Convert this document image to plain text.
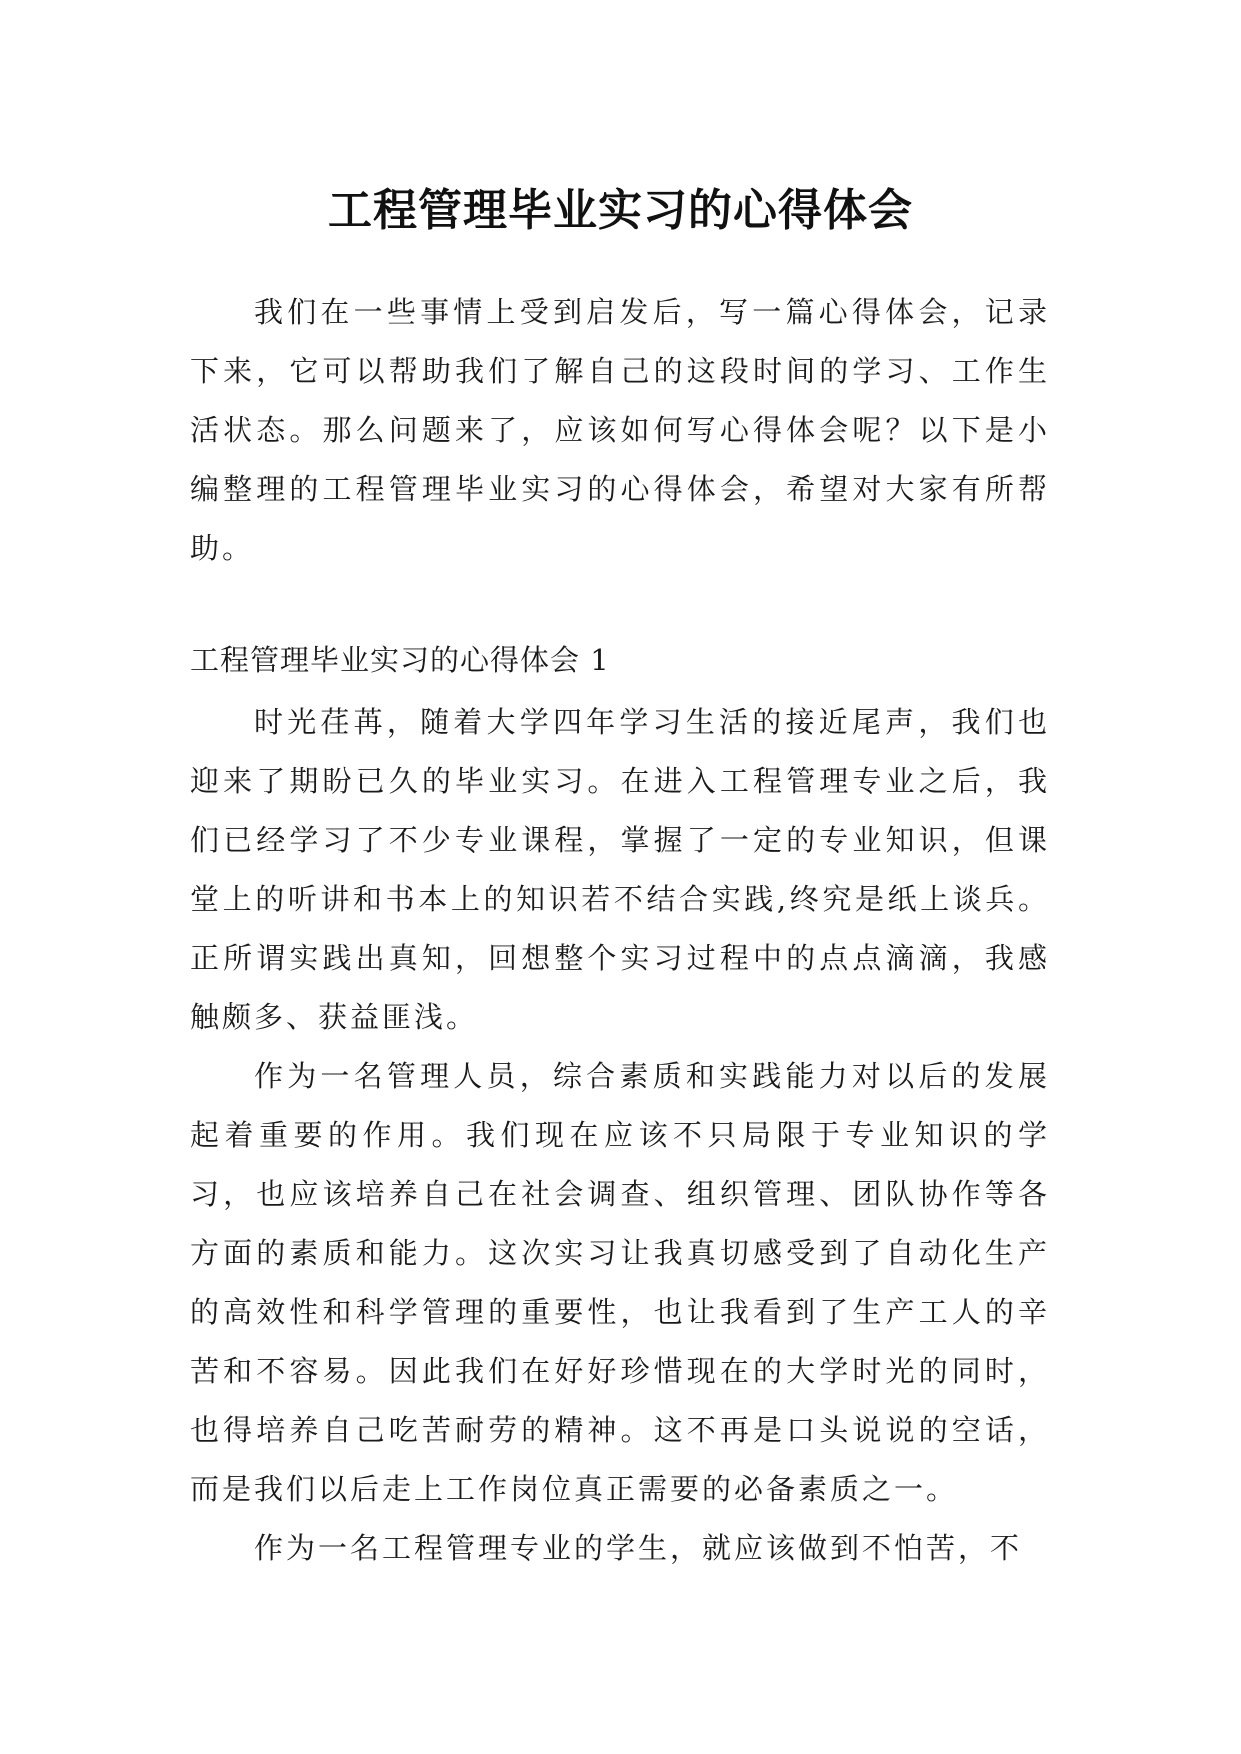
工程管理毕业实习的心得体会

我们在一些事情上受到启发后，写一篇心得体会，记录下来，它可以帮助我们了解自己的这段时间的学习、工作生活状态。那么问题来了，应该如何写心得体会呢？以下是小编整理的工程管理毕业实习的心得体会，希望对大家有所帮助。

工程管理毕业实习的心得体会 1

时光荏苒，随着大学四年学习生活的接近尾声，我们也迎来了期盼已久的毕业实习。在进入工程管理专业之后，我们已经学习了不少专业课程，掌握了一定的专业知识，但课堂上的听讲和书本上的知识若不结合实践,终究是纸上谈兵。正所谓实践出真知，回想整个实习过程中的点点滴滴，我感触颇多、获益匪浅。

作为一名管理人员，综合素质和实践能力对以后的发展起着重要的作用。我们现在应该不只局限于专业知识的学习，也应该培养自己在社会调查、组织管理、团队协作等各方面的素质和能力。这次实习让我真切感受到了自动化生产的高效性和科学管理的重要性，也让我看到了生产工人的辛苦和不容易。因此我们在好好珍惜现在的大学时光的同时，也得培养自己吃苦耐劳的精神。这不再是口头说说的空话，而是我们以后走上工作岗位真正需要的必备素质之一。

作为一名工程管理专业的学生，就应该做到不怕苦，不
